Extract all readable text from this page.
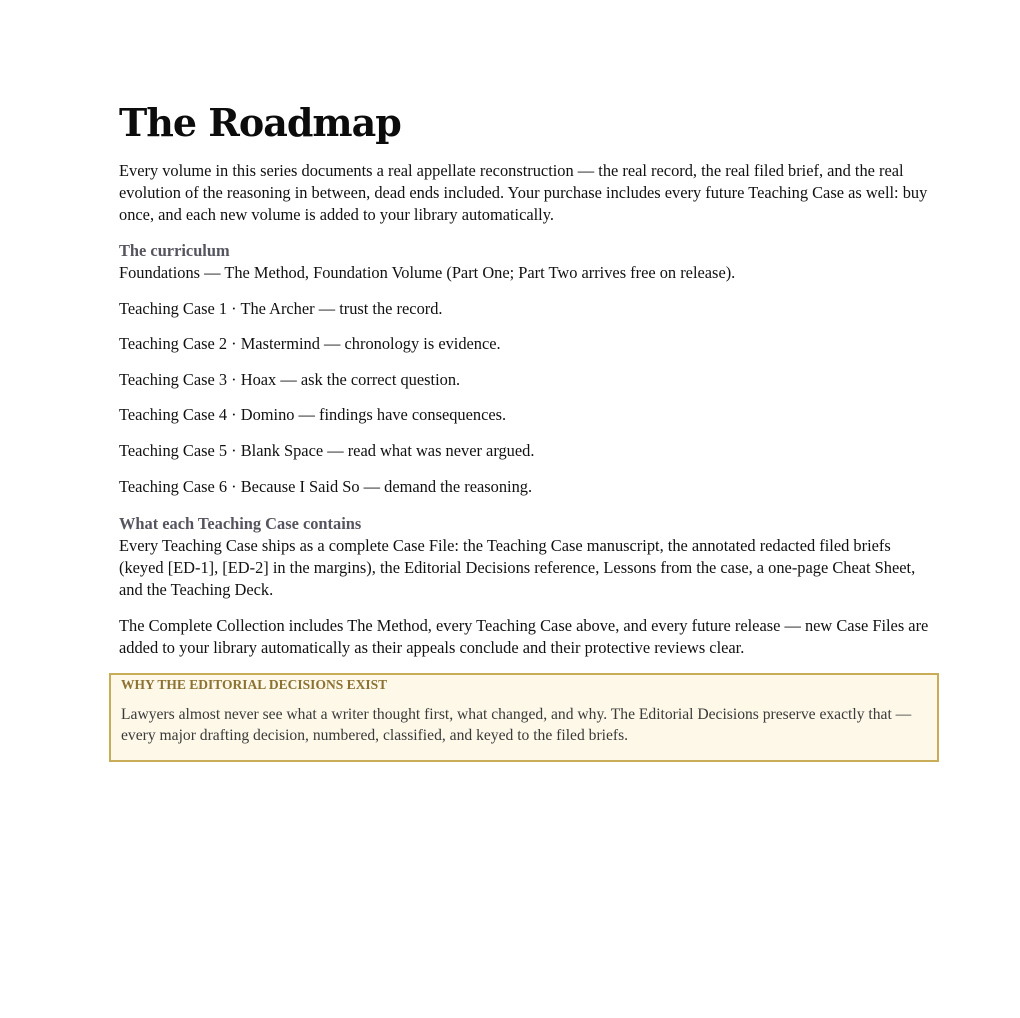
The Roadmap

Every volume in this series documents a real appellate reconstruction — the real record, the real filed brief, and the real evolution of the reasoning in between, dead ends included. Your purchase includes every future Teaching Case as well: buy once, and each new volume is added to your library automatically.

The curriculum
Foundations — The Method, Foundation Volume (Part One; Part Two arrives free on release).
Teaching Case 1 · The Archer — trust the record.
Teaching Case 2 · Mastermind — chronology is evidence.
Teaching Case 3 · Hoax — ask the correct question.
Teaching Case 4 · Domino — findings have consequences.
Teaching Case 5 · Blank Space — read what was never argued.
Teaching Case 6 · Because I Said So — demand the reasoning.
What each Teaching Case contains

Every Teaching Case ships as a complete Case File: the Teaching Case manuscript, the annotated redacted filed briefs (keyed [ED-1], [ED-2] in the margins), the Editorial Decisions reference, Lessons from the case, a one-page Cheat Sheet, and the Teaching Deck.

The Complete Collection includes The Method, every Teaching Case above, and every future release — new Case Files are added to your library automatically as their appeals conclude and their protective reviews clear.

WHY THE EDITORIAL DECISIONS EXIST

Lawyers almost never see what a writer thought first, what changed, and why. The Editorial Decisions preserve exactly that — every major drafting decision, numbered, classified, and keyed to the filed briefs.
